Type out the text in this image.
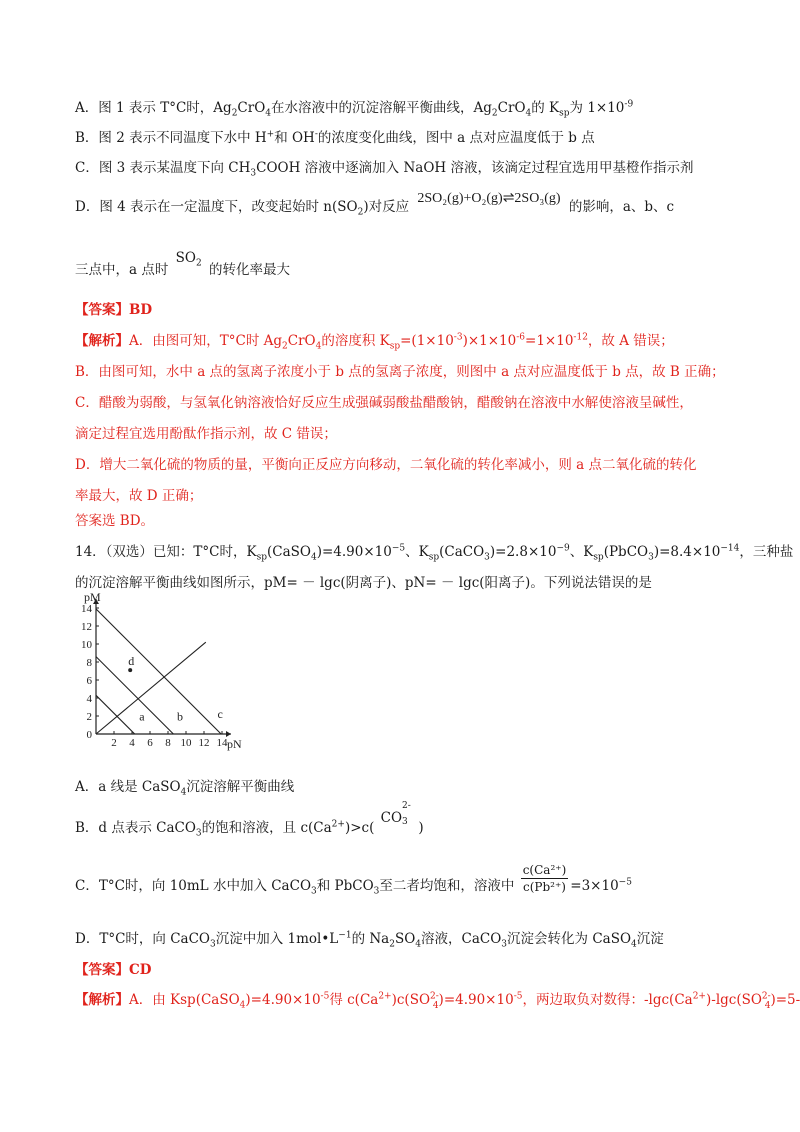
A．图 1 表示 T°C时，$Ag_2CrO_4$在水溶液中的沉淀溶解平衡曲线，$Ag_2CrO_4$的 $K_{sp}$为 $1\times 10^{-9}$
B．图 2 表示不同温度下水中 H+和 OH-的浓度变化曲线，图中 a 点对应温度低于 b 点
C．图 3 表示某温度下向 $CH_3COOH$ 溶液中逐滴加入 NaOH 溶液，该滴定过程宜选用甲基橙作指示剂
D．图 4 表示在一定温度下，改变起始时 $n(SO_2)$对反应 2SO₂(g)+O₂(g)⇌2SO₃(g) 的影响，a、b、c
三点中，a 点时 $SO_2$ 的转化率最大
【答案】BD
【解析】A．由图可知，T°C时 $Ag_2CrO_4$的溶度积 $K_{sp}=(1\times 10^{-3})\times 1\times 10^{-6}=1\times 10^{-12}$，故 A 错误；
B．由图可知，水中 a 点的氢离子浓度小于 b 点的氢离子浓度，则图中 a 点对应温度低于 b 点，故 B 正确；
C．醋酸为弱酸，与氢氧化钠溶液恰好反应生成强碱弱酸盐醋酸钠，醋酸钠在溶液中水解使溶液呈碱性，
滴定过程宜选用酚酞作指示剂，故 C 错误；
D．增大二氧化硫的物质的量，平衡向正反应方向移动，二氧化硫的转化率减小，则 a 点二氧化硫的转化
率最大，故 D 正确；
答案选 BD。
14．（双选）已知：T°C时，$K_{sp}(CaSO_4)=4.90\times 10^{-5}$、$K_{sp}(CaCO_3)=2.8\times 10^{-9}$、$K_{sp}(PbCO_3)=8.4\times 10^{-14}$，三种盐
的沉淀溶解平衡曲线如图所示，pM= － lgc(阴离子)、pN= － lgc(阳离子)。下列说法错误的是
2 4 6 8 10 12 14
0
2
4
6
8
10
12
14
pN
pM
d
a	b	c
A．a 线是 CaSO$_4$沉淀溶解平衡曲线
B．d 点表示 CaCO$_3$的饱和溶液，且 $c(Ca^{2+})>c$( CO
2-
3 )
C．T°C时，向 10mL 水中加入 CaCO$_3$和 PbCO$_3$至二者均饱和，溶液中 $\frac{\text{c(Ca²⁺)}}{\text{c(Pb²⁺)}} =3\times 10^{-5}$
D．T°C时，向 CaCO$_3$沉淀中加入 $1mol•L^{-1}$的 $Na_2SO_4$溶液，CaCO$_3$沉淀会转化为 CaSO$_4$沉淀
【答案】CD
【解析】A．由 $Ksp(CaSO_4)=4.90\times 10^{-5}$得 $c(Ca^{2+})c(SO^{2-}_4)=4.90\times 10^{-5}$，两边取负对数得：$-\lg c(Ca^{2+})-\lg c(SO^{2-}_4)=5-$
